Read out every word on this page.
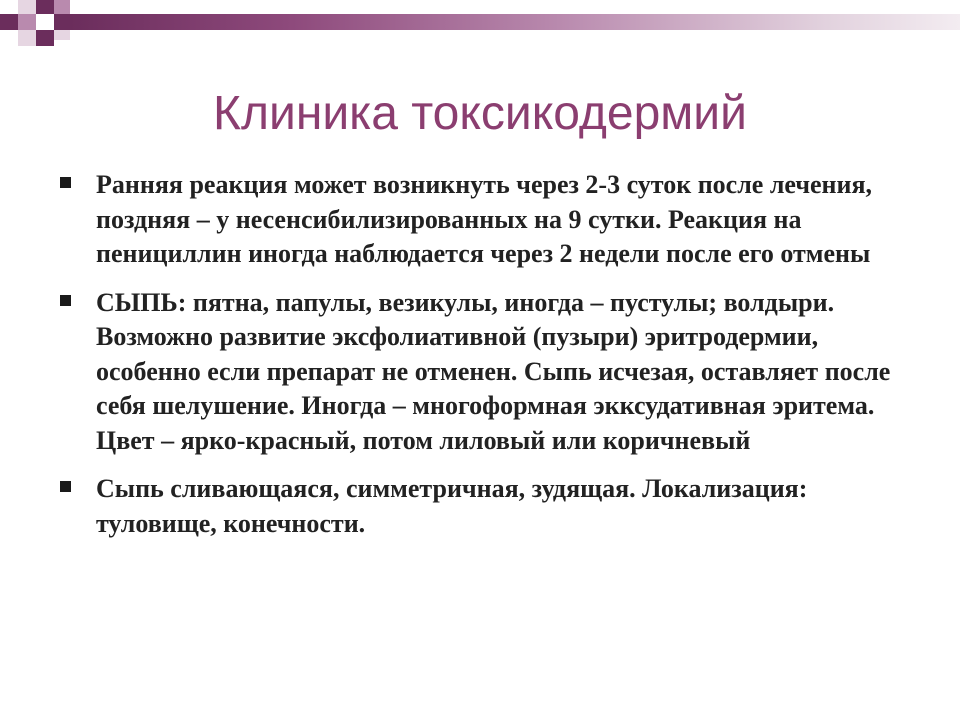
Клиника токсикодермий
Ранняя реакция может возникнуть через 2-3 суток после лечения, поздняя – у несенсибилизированных на 9 сутки. Реакция на пенициллин иногда наблюдается через 2 недели после его отмены
СЫПЬ: пятна, папулы, везикулы, иногда – пустулы; волдыри. Возможно развитие эксфолиативной (пузыри) эритродермии, особенно если препарат не отменен. Сыпь исчезая, оставляет после себя шелушение. Иногда – многоформная экксудативная эритема. Цвет – ярко-красный, потом лиловый или коричневый
Сыпь сливающаяся, симметричная, зудящая. Локализация: туловище, конечности.
